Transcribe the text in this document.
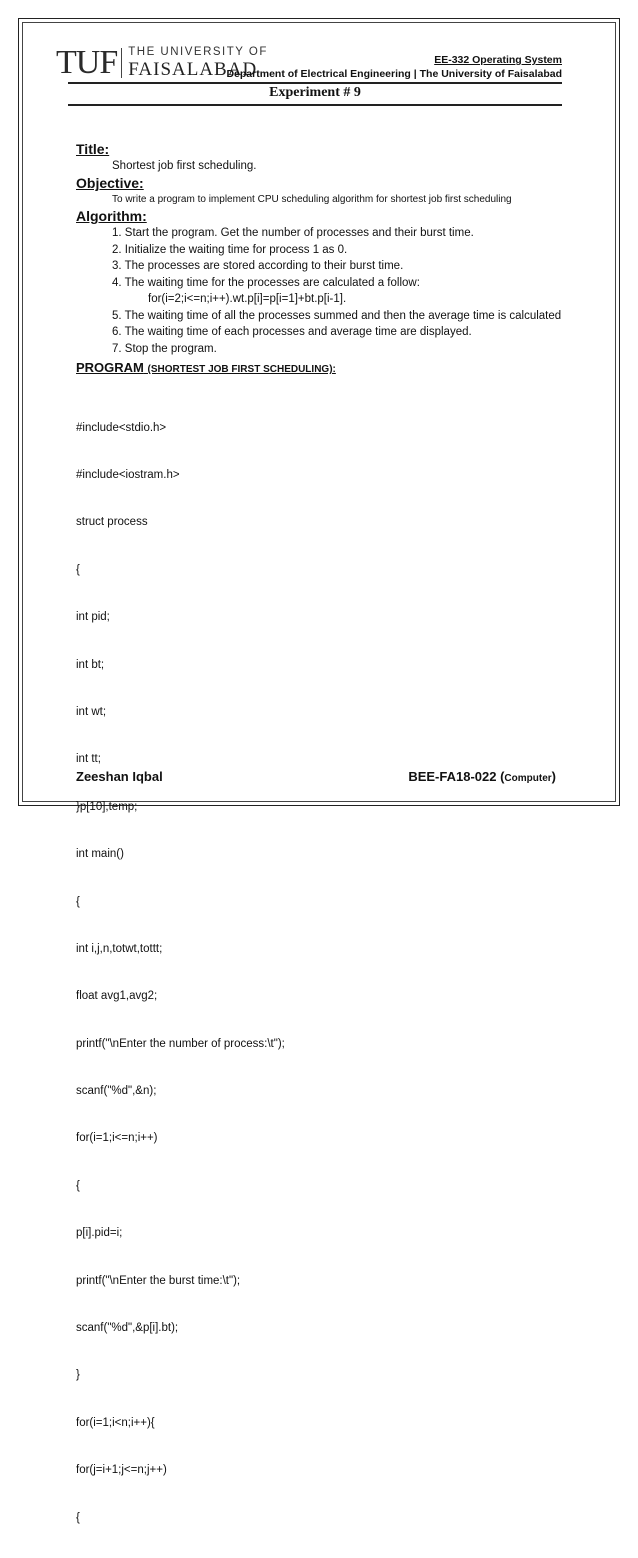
TUF THE UNIVERSITY OF
FAISALABAD	EE-332 Operating System
Department of Electrical Engineering | The University of Faisalabad
Experiment # 9

Title:

Shortest job first scheduling.

Objective:

To write a program to implement CPU scheduling algorithm for shortest job first scheduling

Algorithm:

1. Start the program. Get the number of processes and their burst time.
2. Initialize the waiting time for process 1 as 0.
3. The processes are stored according to their burst time.
4. The waiting time for the processes are calculated a follow:
for(i=2;i<=n;i++).wt.p[i]=p[i=1]+bt.p[i-1].
5. The waiting time of all the processes summed and then the average time is calculated
6. The waiting time of each processes and average time are displayed.
7. Stop the program.

PROGRAM (SHORTEST JOB FIRST SCHEDULING):

#include<stdio.h>

#include<iostram.h>

struct process

{

int pid;

int bt;

int wt;

int tt;

}p[10],temp;

int main()

{

int i,j,n,totwt,tottt;

float avg1,avg2;

printf("\nEnter the number of process:\t");

scanf("%d",&n);

for(i=1;i<=n;i++)

{

p[i].pid=i;

printf("\nEnter the burst time:\t");

scanf("%d",&p[i].bt);

}

for(i=1;i<n;i++){

for(j=i+1;j<=n;j++)

{

Zeeshan Iqbal	BEE-FA18-022 (Computer)
